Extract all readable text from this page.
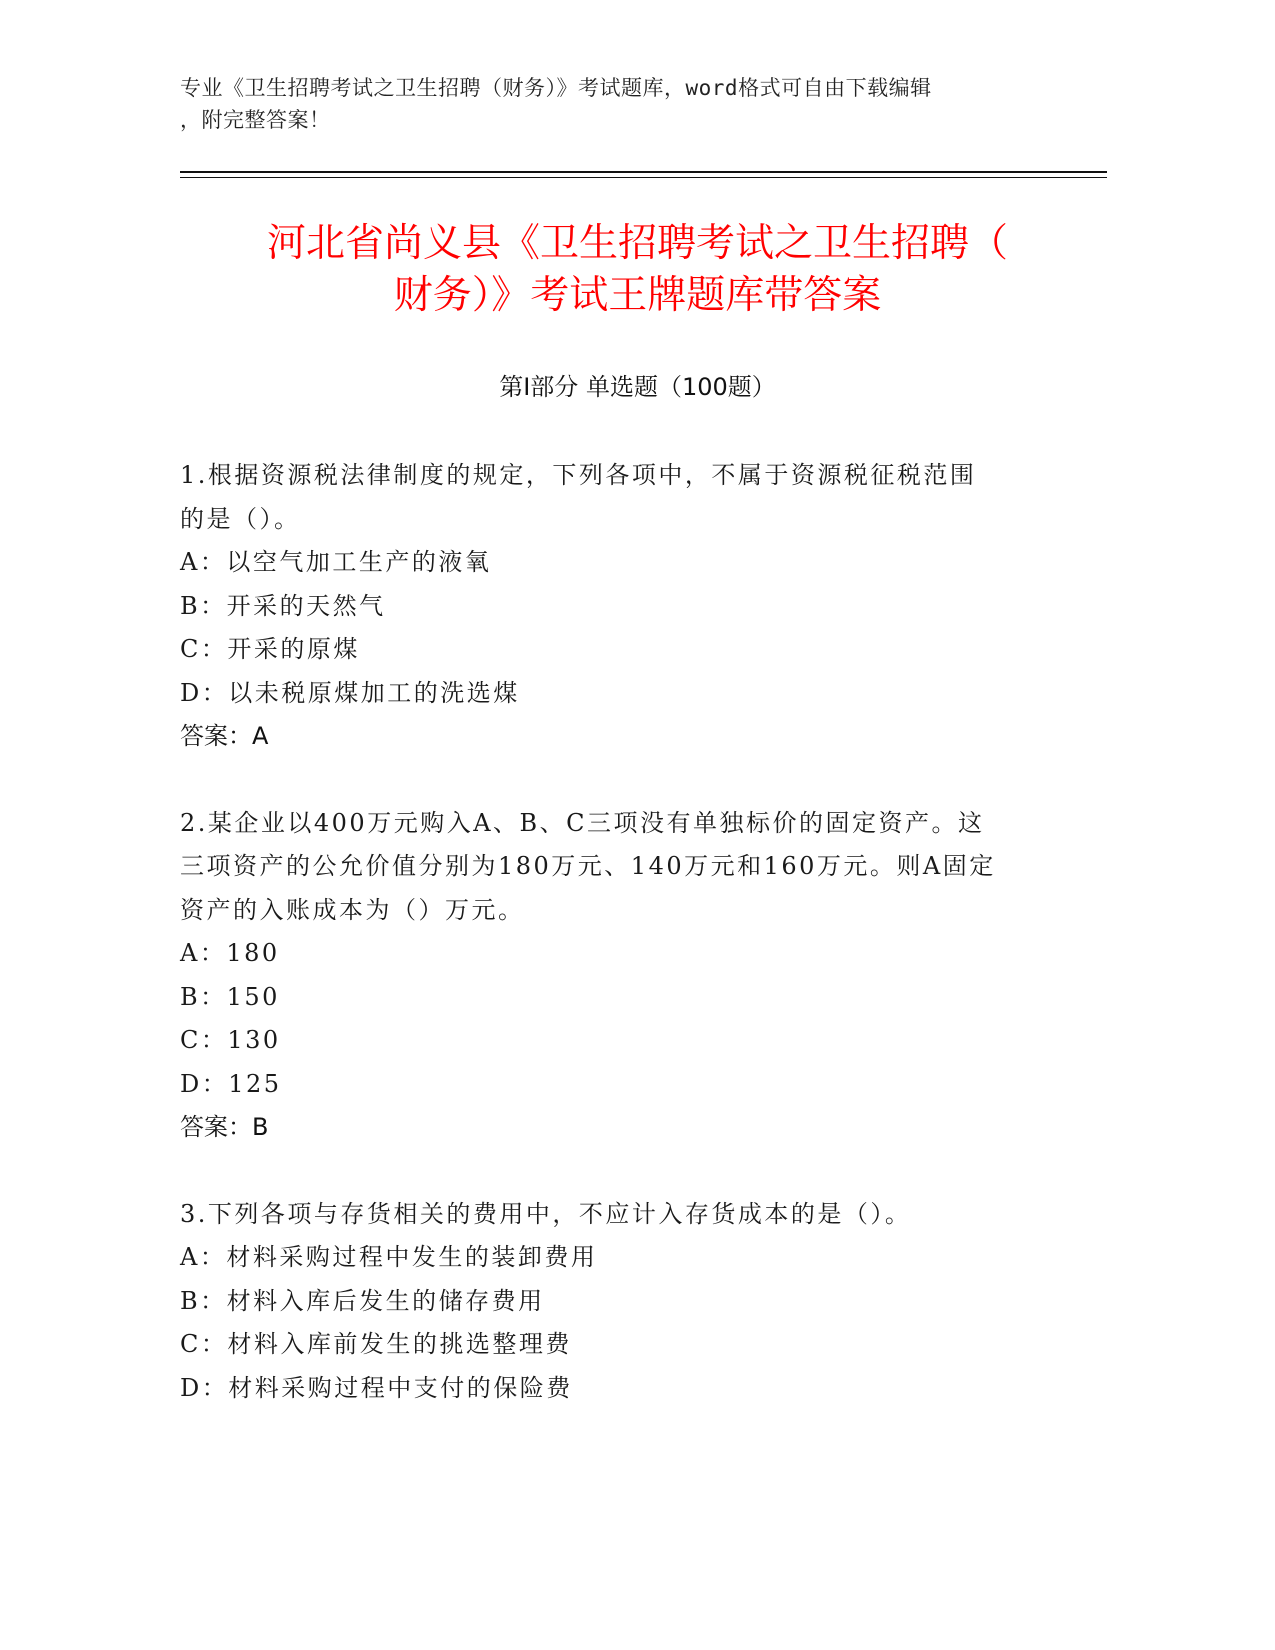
专业《卫生招聘考试之卫生招聘（财务）》考试题库，word格式可自由下载编辑
，附完整答案！
河北省尚义县《卫生招聘考试之卫生招聘（
财务）》考试王牌题库带答案
第Ⅰ部分 单选题（100题）
1.根据资源税法律制度的规定，下列各项中，不属于资源税征税范围
的是（）。
A：以空气加工生产的液氧
B：开采的天然气
C：开采的原煤
D：以未税原煤加工的洗选煤
答案：A
2.某企业以400万元购入A、B、C三项没有单独标价的固定资产。这
三项资产的公允价值分别为180万元、140万元和160万元。则A固定
资产的入账成本为（）万元。
A：180
B：150
C：130
D：125
答案：B
3.下列各项与存货相关的费用中，不应计入存货成本的是（）。
A：材料采购过程中发生的装卸费用
B：材料入库后发生的储存费用
C：材料入库前发生的挑选整理费
D：材料采购过程中支付的保险费
